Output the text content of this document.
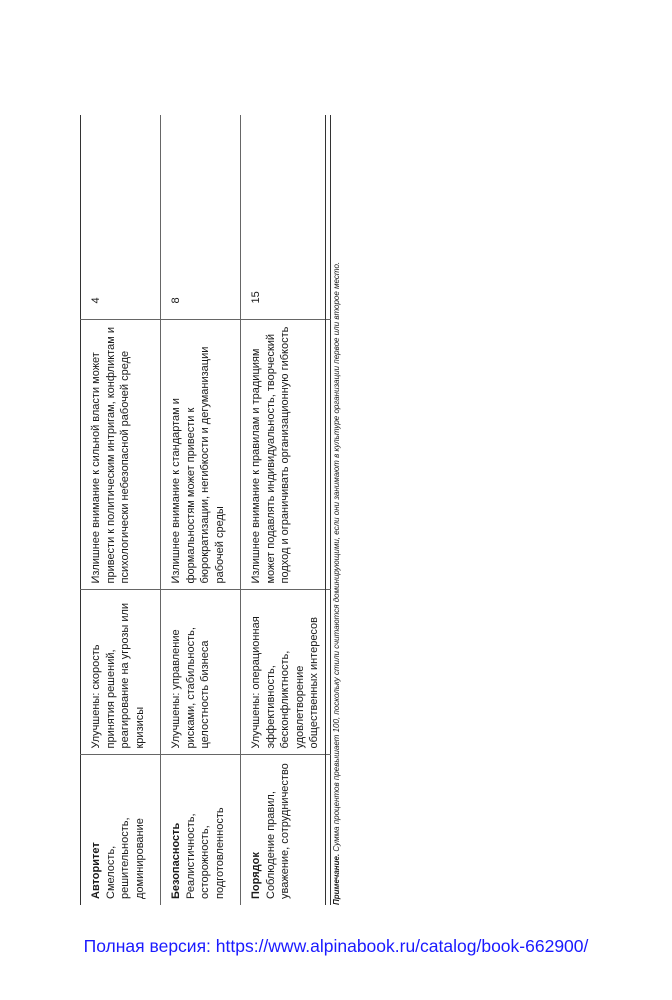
Авторитет Смелость, решительность, доминирование	Улучшены: скорость принятия решений, реагирование на угрозы или кризисы	Излишнее внимание к сильной власти может привести к политическим интригам, конфликтам и психологически небезопасной рабочей среде	4

Безопасность Реалистичность, осторожность, подготовленность	Улучшены: управление рисками, стабильность, целостность бизнеса	Излишнее внимание к стандартам и формальностям может привести к бюрократизации, негибкости и дегуманизации рабочей среды	8

Порядок Соблюдение правил, уважение, сотрудничество	Улучшены: операционная эффективность, бесконфликтность, удовлетворение общественных интересов	Излишнее внимание к правилам и традициям может подавлять индивидуальность, творческий подход и ограничивать организационную гибкость	15
Примечание. Сумма процентов превышает 100, поскольку стили считаются доминирующими, если они занимают в культуре организации первое или второе место.
Полная версия: https://www.alpinabook.ru/catalog/book-662900/
